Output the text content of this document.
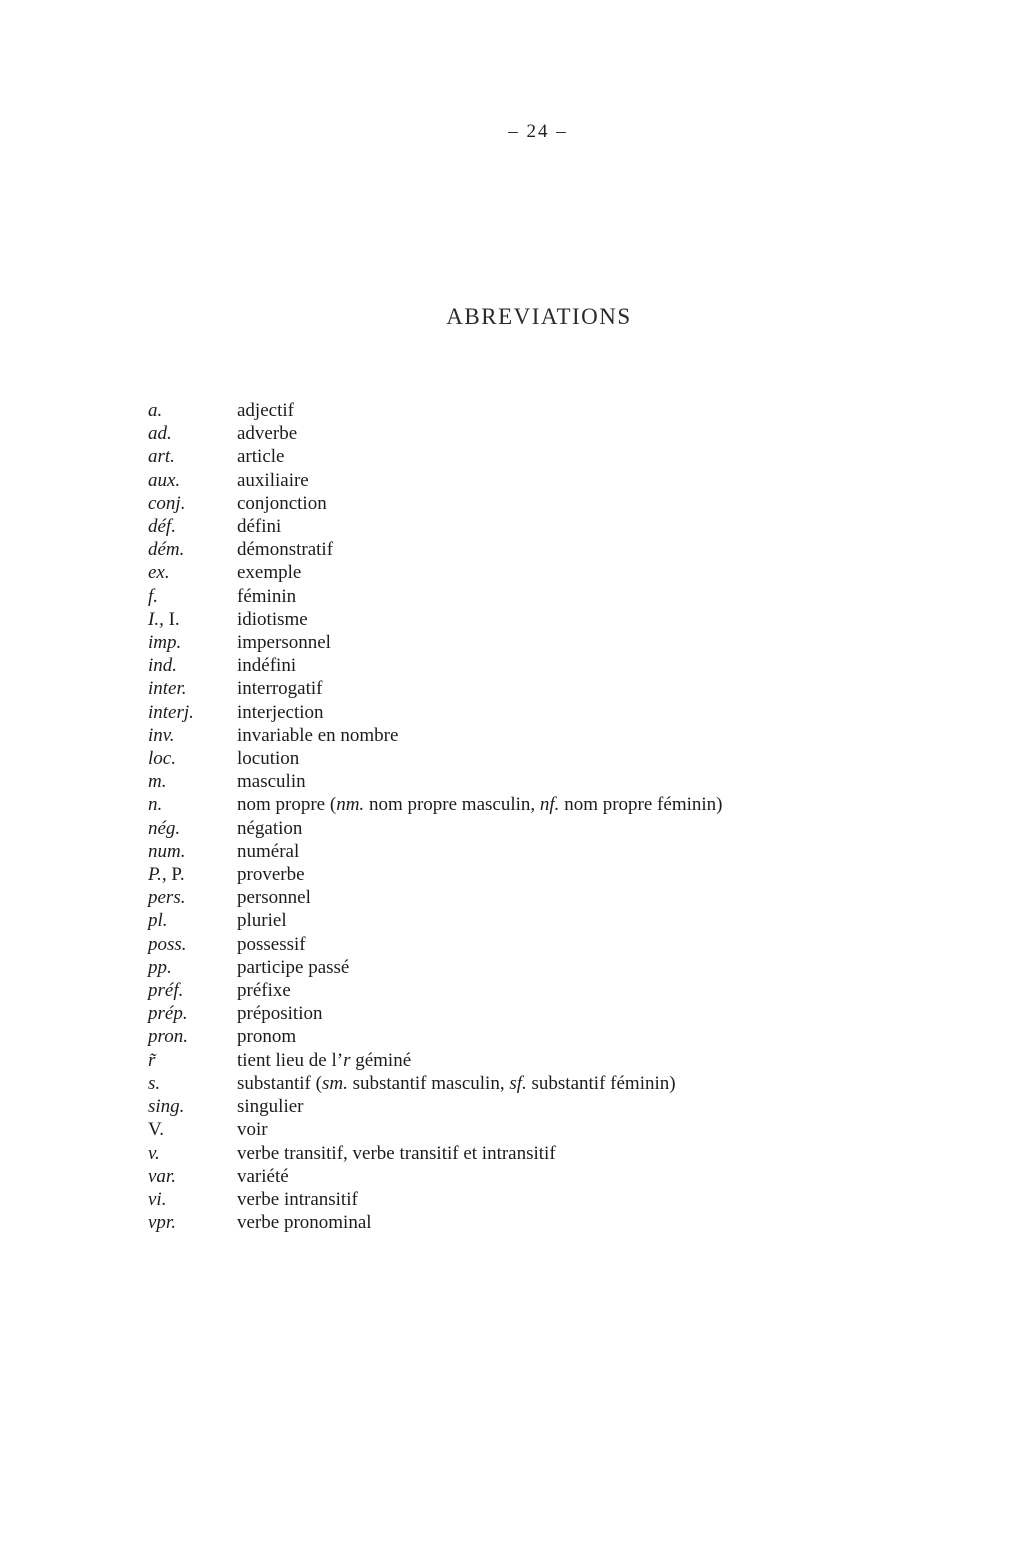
– 24 –
ABREVIATIONS
a.	adjectif
ad.	adverbe
art.	article
aux.	auxiliaire
conj.	conjonction
déf.	défini
dém.	démonstratif
ex.	exemple
f.	féminin
I., I.	idiotisme
imp.	impersonnel
ind.	indéfini
inter.	interrogatif
interj.	interjection
inv.	invariable en nombre
loc.	locution
m.	masculin
n.	nom propre (nm. nom propre masculin, nf. nom propre féminin)
nég.	négation
num.	numéral
P., P.	proverbe
pers.	personnel
pl.	pluriel
poss.	possessif
pp.	participe passé
préf.	préfixe
prép.	préposition
pron.	pronom
r̃	tient lieu de l’r géminé
s.	substantif (sm. substantif masculin, sf. substantif féminin)
sing.	singulier
V.	voir
v.	verbe transitif, verbe transitif et intransitif
var.	variété
vi.	verbe intransitif
vpr.	verbe pronominal
